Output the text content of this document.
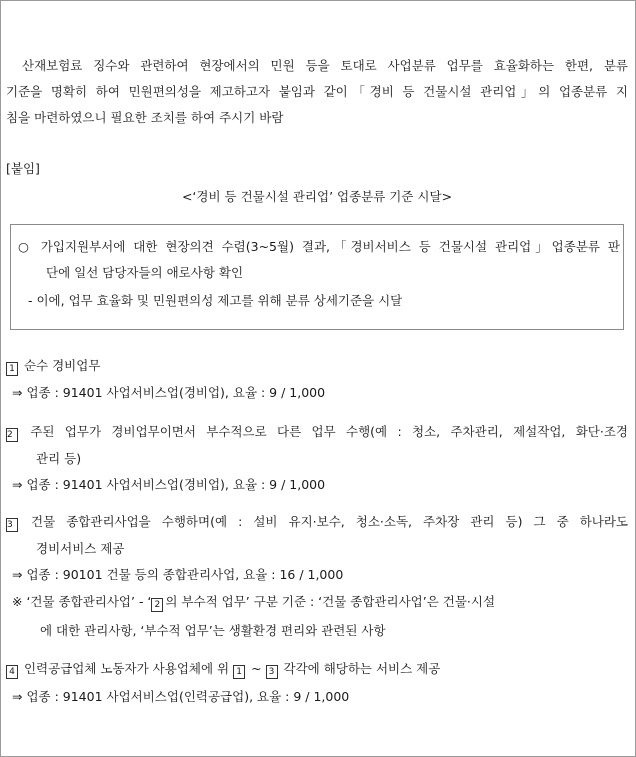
산재보험료 징수와 관련하여 현장에서의 민원 등을 토대로 사업분류 업무를 효율화하는 한편, 분류
기준을 명확히 하여 민원편의성을 제고하고자 붙임과 같이「경비 등 건물시설 관리업」의 업종분류 지
침을 마련하였으니 필요한 조치를 하여 주시기 바람
[붙임]
<‘경비 등 건물시설 관리업’ 업종분류 기준 시달>
○ 가입지원부서에 대한 현장의견 수렴(3~5월) 결과,「경비서비스 등 건물시설 관리업」업종분류 판
단에 일선 담당자들의 애로사항 확인
- 이에, 업무 효율화 및 민원편의성 제고를 위해 분류 상세기준을 시달
1 순수 경비업무
⇒ 업종 : 91401 사업서비스업(경비업), 요율 : 9 / 1,000
2 주된 업무가 경비업무이면서 부수적으로 다른 업무 수행(예 : 청소, 주차관리, 제설작업, 화단·조경
관리 등)
⇒ 업종 : 91401 사업서비스업(경비업), 요율 : 9 / 1,000
3 건물 종합관리사업을 수행하며(예 : 설비 유지·보수, 청소·소독, 주차장 관리 등) 그 중 하나라도
경비서비스 제공
⇒ 업종 : 90101 건물 등의 종합관리사업, 요율 : 16 / 1,000
※ ‘건물 종합관리사업’ - ‘ 2 의 부수적 업무’ 구분 기준 : ‘건물 종합관리사업’은 건물·시설
에 대한 관리사항, ‘부수적 업무’는 생활환경 편리와 관련된 사항
4 인력공급업체 노동자가 사용업체에 위 1 ~ 3 각각에 해당하는 서비스 제공
⇒ 업종 : 91401 사업서비스업(인력공급업), 요율 : 9 / 1,000
